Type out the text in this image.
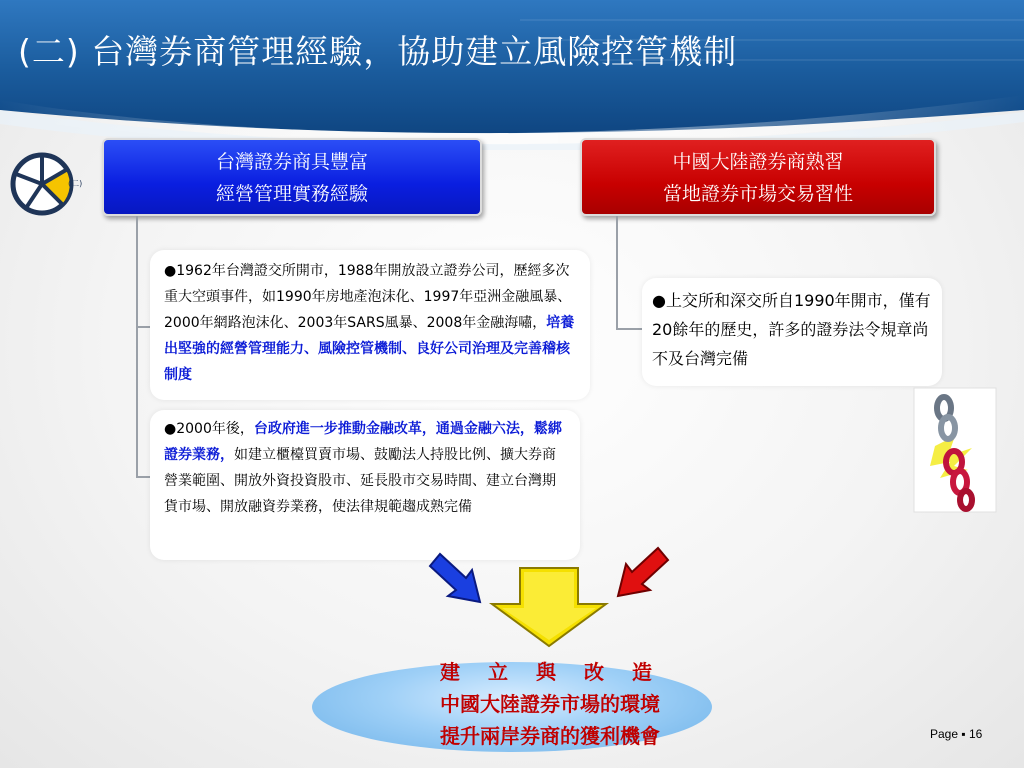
(二) 台灣券商管理經驗，協助建立風險控管機制
(二)
台灣證券商具豐富
經營管理實務經驗
中國大陸證券商熟習
當地證券市場交易習性
●1962年台灣證交所開市，1988年開放設立證券公司，歷經多次重大空頭事件，如1990年房地產泡沫化、1997年亞洲金融風暴、2000年網路泡沫化、2003年SARS風暴、2008年金融海嘯，培養出堅強的經營管理能力、風險控管機制、良好公司治理及完善稽核制度
●2000年後，台政府進一步推動金融改革，通過金融六法，鬆綁證券業務，如建立櫃檯買賣市場、鼓勵法人持股比例、擴大券商營業範圍、開放外資投資股市、延長股市交易時間、建立台灣期貨市場、開放融資券業務，使法律規範趨成熟完備
●上交所和深交所自1990年開市，僅有20餘年的歷史，許多的證券法令規章尚不及台灣完備
建立與改造
中國大陸證券市場的環境
提升兩岸券商的獲利機會	Page ▪ 16
